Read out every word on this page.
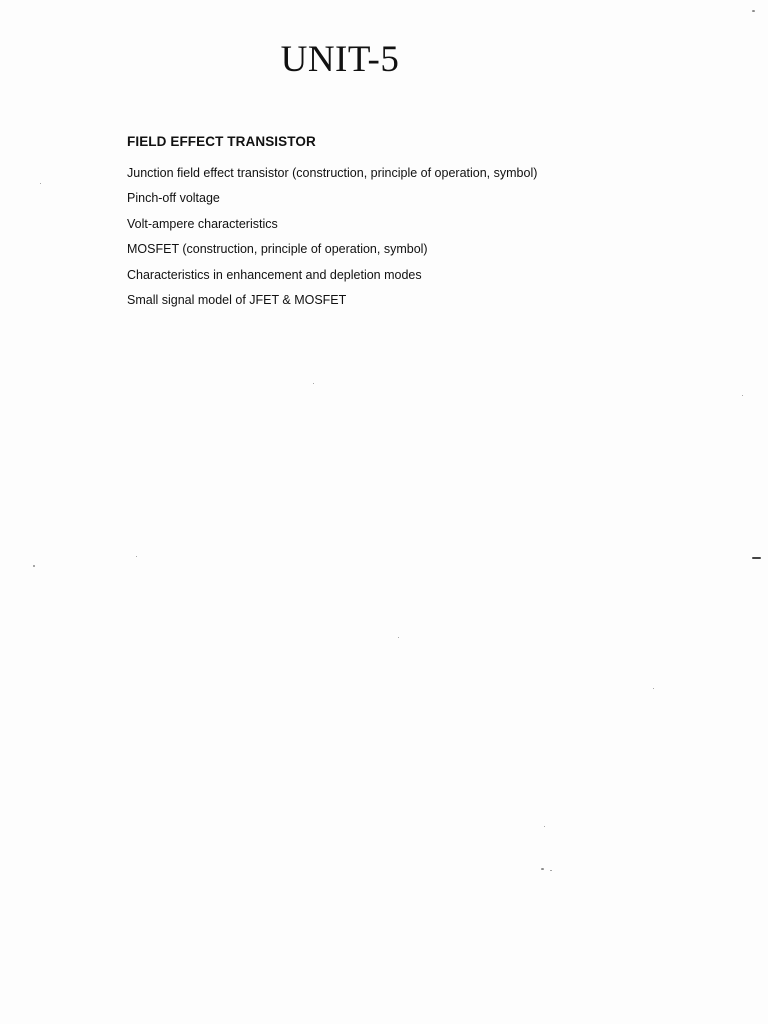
UNIT-5
FIELD EFFECT TRANSISTOR
Junction field effect transistor (construction, principle of operation, symbol)
Pinch-off voltage
Volt-ampere characteristics
MOSFET (construction, principle of operation, symbol)
Characteristics in enhancement and depletion modes
Small signal model of JFET & MOSFET
